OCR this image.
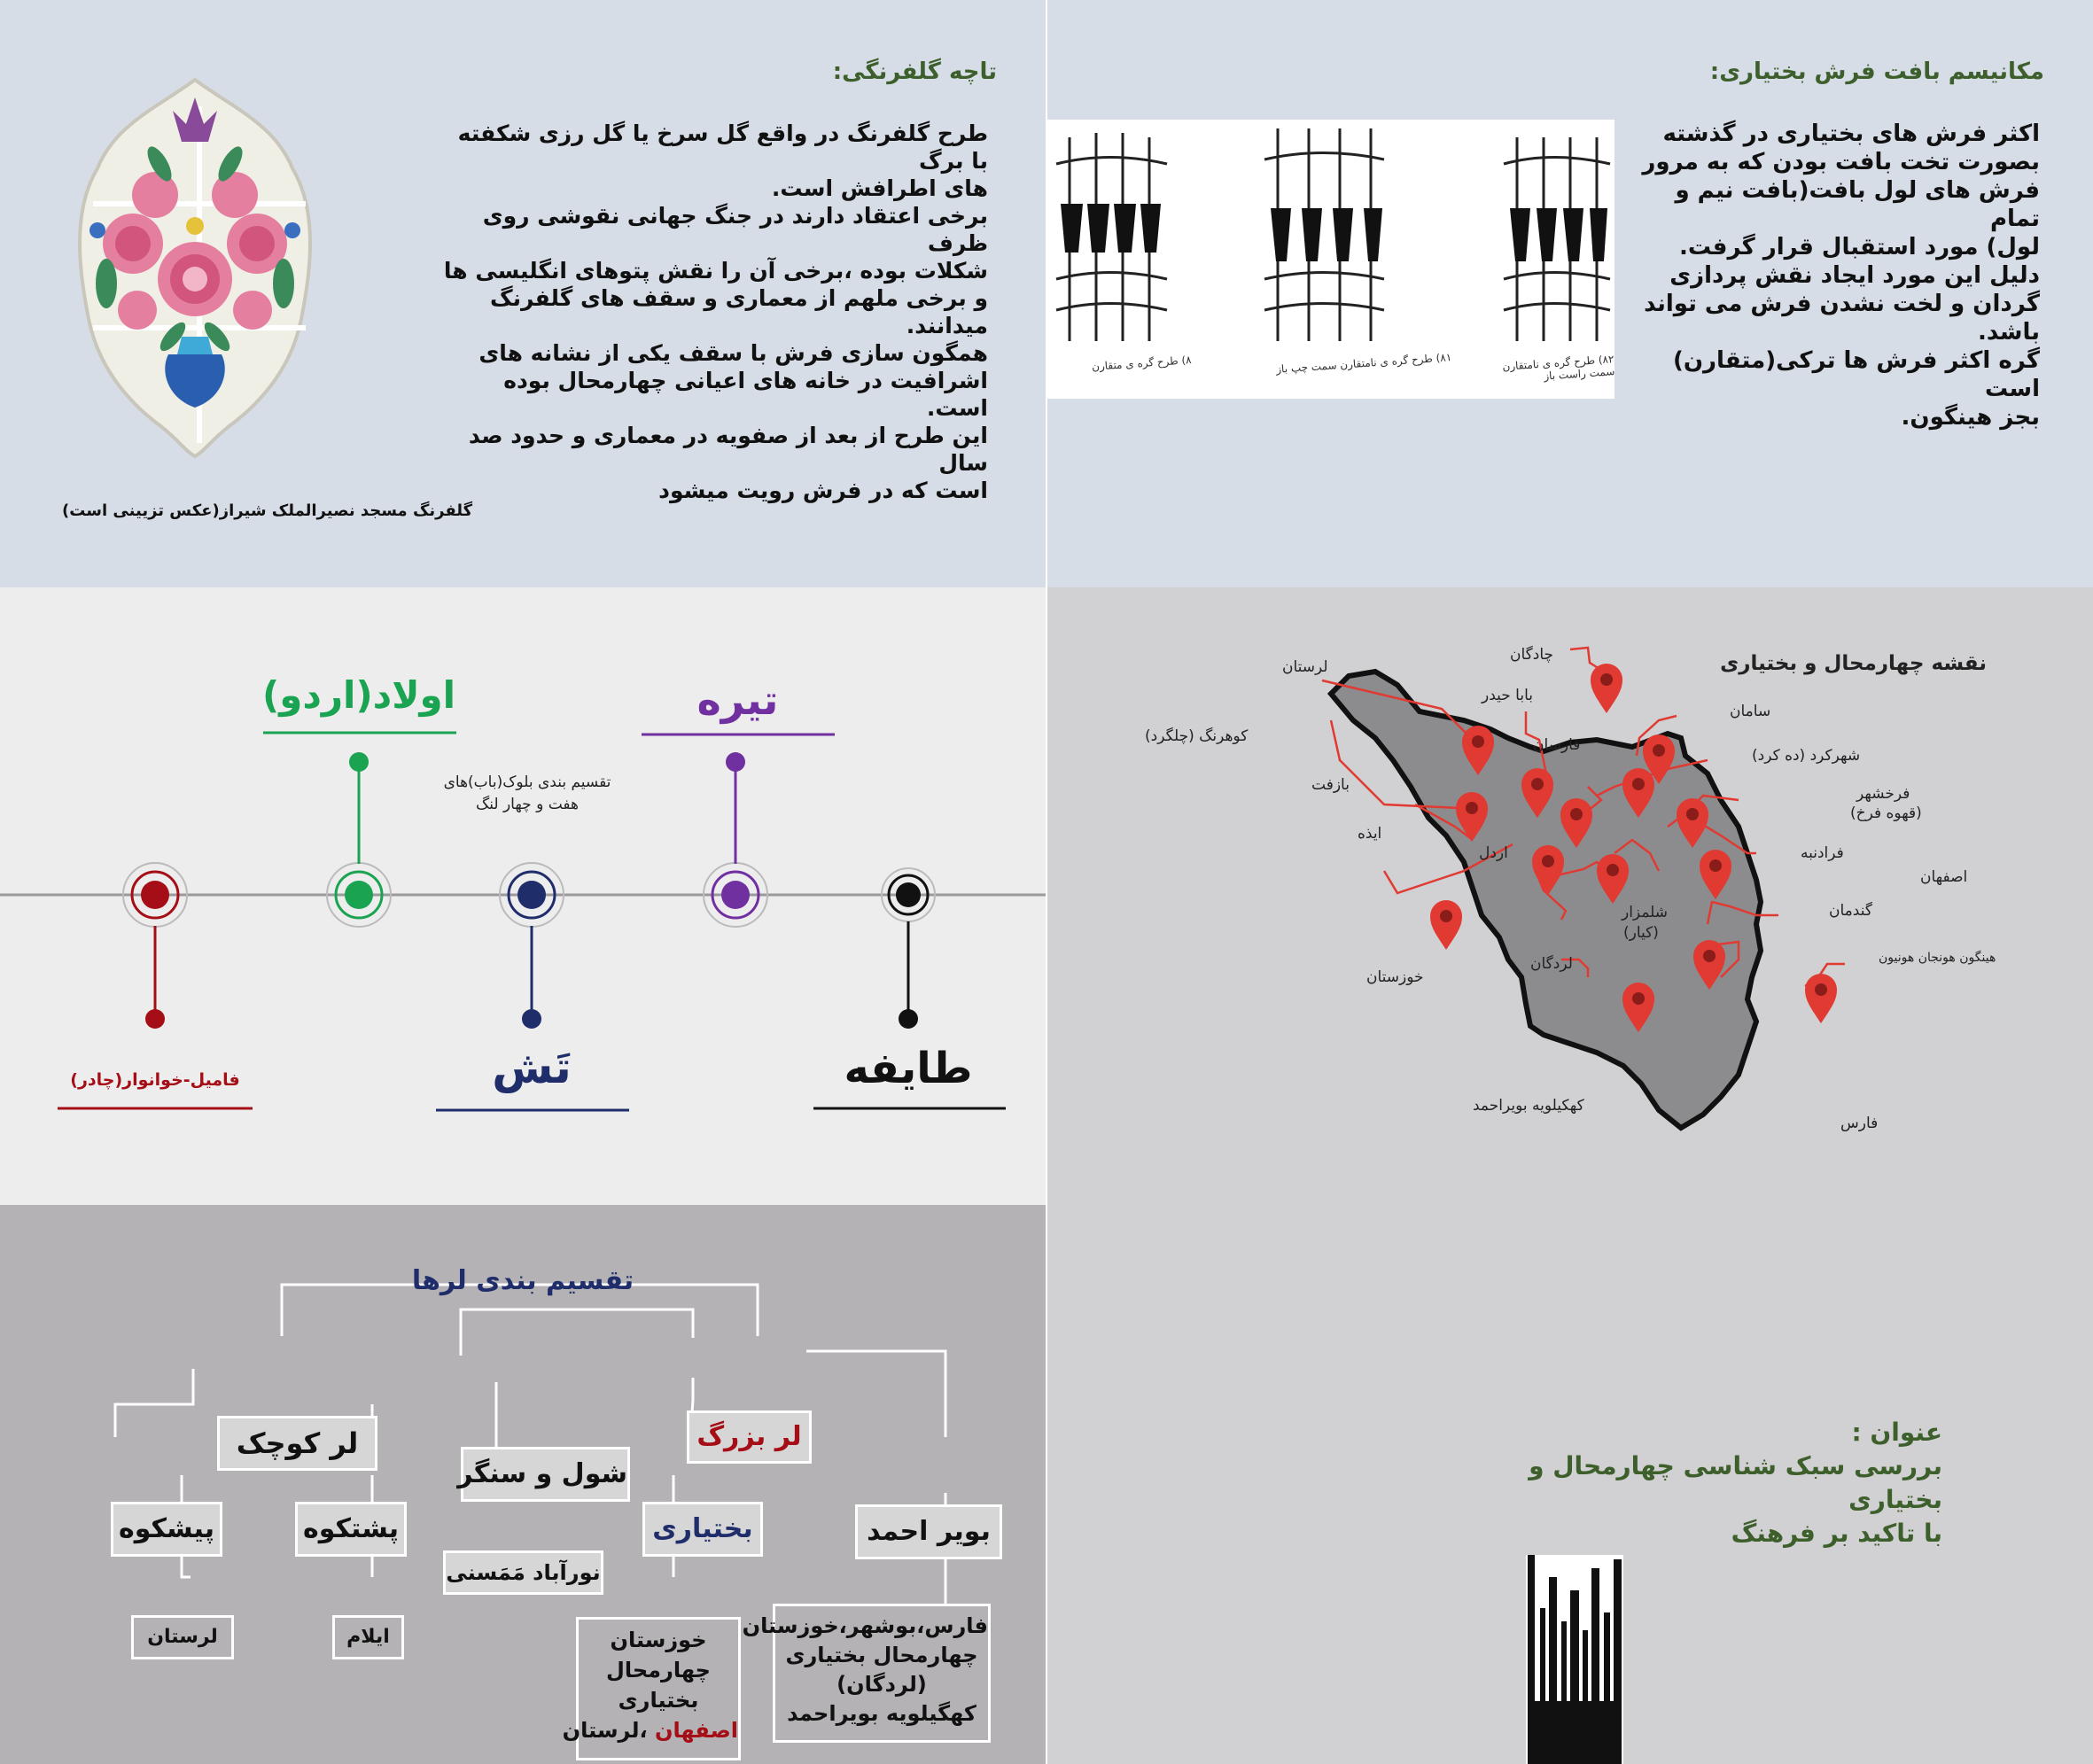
تاچه گلفرنگی:
طرح گلفرنگ در واقع گل سرخ یا گل رزی شکفته با برگ
های اطرافش است.
برخی اعتقاد دارند در جنگ جهانی نقوشی روی ظرف
شکلات بوده ،برخی آن را نقش پتوهای انگلیسی ها
و برخی ملهم از معماری و سقف های گلفرنگ میدانند.
همگون سازی فرش با سقف یکی از نشانه های
اشرافیت در خانه های اعیانی چهارمحال بوده است.
این طرح از بعد از صفویه در معماری و حدود صد سال
است که در فرش رویت میشود
گلفرنگ مسجد نصیرالملک شیراز(عکس تزیینی است)
۸) طرح گره ی متقارن	۸۱) طرح گره ی نامتقارن سمت چپ باز	۸۲) طرح گره ی نامتقارن سمت راست باز
مکانیسم بافت فرش بختیاری:
اکثر فرش های بختیاری در گذشته
بصورت تخت بافت بودن که به مرور
فرش های لول بافت(بافت نیم و تمام
لول) مورد استقبال قرار گرفت.
دلیل این مورد ایجاد نقش پردازی
گردان و لخت نشدن فرش می تواند
باشد.
گره اکثر فرش ها ترکی(متقارن) است
بجز هینگون.
طایفه
تیره
تَش
اولاد(اردو)
فامیل-خوانوار(چادر)
تقسیم بندی بلوک(باب)های
هفت و چهار لنگ
نقشه چهارمحال و بختیاری
لرستان
چادگان
بابا حیدر
کوهرنگ (چلگرد)
سامان
فارسان
شهرکرد (ده کرد)
بازفت	فرخشهر
(قهوه فرخ)
ایذه
اردل	فرادنبه
اصفهان
گندمان
شلمزار
(کیار)
خوزستان
لردگان	هینگون هونجان هونیون
کهکیلویه بویراحمد
فارس
تقسیم بندی لرها
لر کوچک	لر بزرگ
پیشکوه	پشتکوه
شول و سنگر
بختیاری	بویر احمد
لرستان	ایلام
نورآباد مَمَسنی
خوزستان
چهارمحال
بختیاری
اصفهان ،لرستان
فارس،بوشهر،خوزستان
چهارمحال بختیاری
(لردگان)
کهگیلویه بویراحمد
عنوان :
بررسی سبک شناسی چهارمحال و بختیاری
با تاکید بر فرهنگ
